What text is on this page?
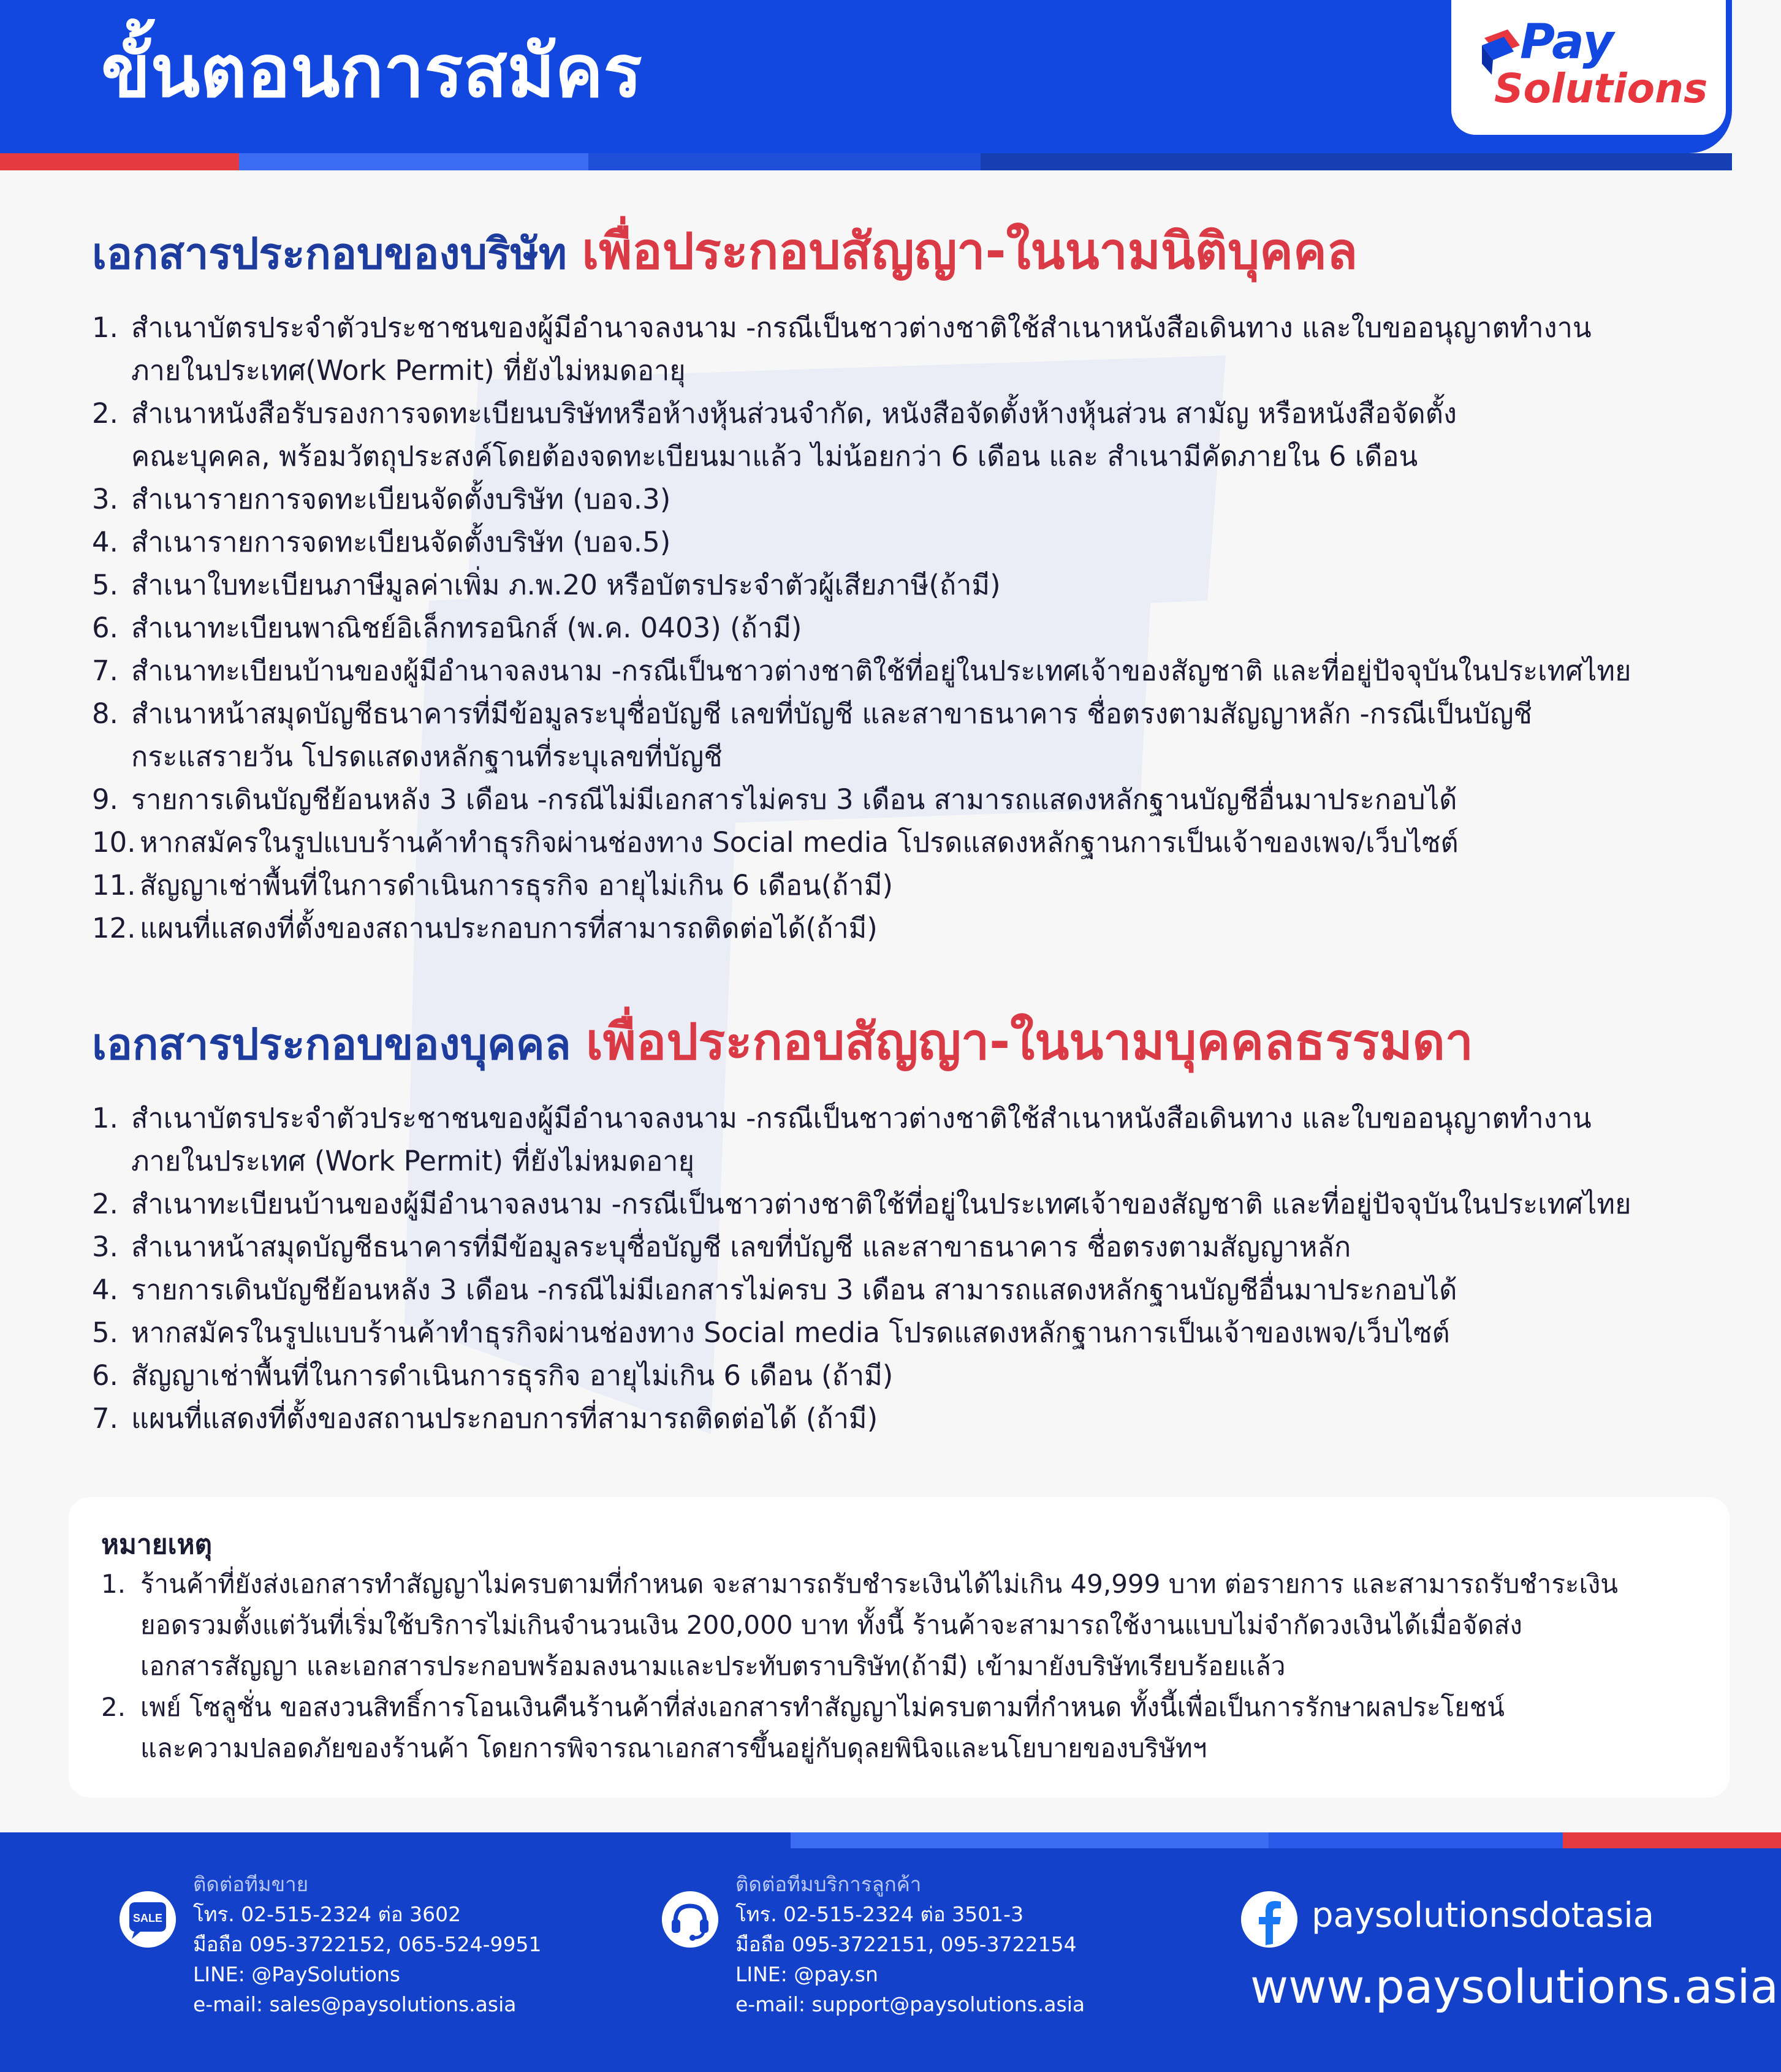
ขั้นตอนการสมัคร	Pay
Solutions
เอกสารประกอบของบริษัท เพื่อประกอบสัญญา-ในนามนิติบุคคล
1. สำเนาบัตรประจำตัวประชาชนของผู้มีอำนาจลงนาม -กรณีเป็นชาวต่างชาติใช้สำเนาหนังสือเดินทาง และใบขออนุญาตทำงาน
ภายในประเทศ(Work Permit) ที่ยังไม่หมดอายุ
2. สำเนาหนังสือรับรองการจดทะเบียนบริษัทหรือห้างหุ้นส่วนจำกัด, หนังสือจัดตั้งห้างหุ้นส่วน สามัญ หรือหนังสือจัดตั้ง
คณะบุคคล, พร้อมวัตถุประสงค์โดยต้องจดทะเบียนมาแล้ว ไม่น้อยกว่า 6 เดือน และ สำเนามีคัดภายใน 6 เดือน
3. สำเนารายการจดทะเบียนจัดตั้งบริษัท (บอจ.3)
4. สำเนารายการจดทะเบียนจัดตั้งบริษัท (บอจ.5)
5. สำเนาใบทะเบียนภาษีมูลค่าเพิ่ม ภ.พ.20 หรือบัตรประจำตัวผู้เสียภาษี(ถ้ามี)
6. สำเนาทะเบียนพาณิชย์อิเล็กทรอนิกส์ (พ.ค. 0403) (ถ้ามี)
7. สำเนาทะเบียนบ้านของผู้มีอำนาจลงนาม -กรณีเป็นชาวต่างชาติใช้ที่อยู่ในประเทศเจ้าของสัญชาติ และที่อยู่ปัจจุบันในประเทศไทย
8. สำเนาหน้าสมุดบัญชีธนาคารที่มีข้อมูลระบุชื่อบัญชี เลขที่บัญชี และสาขาธนาคาร ชื่อตรงตามสัญญาหลัก -กรณีเป็นบัญชี
กระแสรายวัน โปรดแสดงหลักฐานที่ระบุเลขที่บัญชี
9. รายการเดินบัญชีย้อนหลัง 3 เดือน -กรณีไม่มีเอกสารไม่ครบ 3 เดือน สามารถแสดงหลักฐานบัญชีอื่นมาประกอบได้
10. หากสมัครในรูปแบบร้านค้าทำธุรกิจผ่านช่องทาง Social media โปรดแสดงหลักฐานการเป็นเจ้าของเพจ/เว็บไซต์
11. สัญญาเช่าพื้นที่ในการดำเนินการธุรกิจ อายุไม่เกิน 6 เดือน(ถ้ามี)
12. แผนที่แสดงที่ตั้งของสถานประกอบการที่สามารถติดต่อได้(ถ้ามี)
เอกสารประกอบของบุคคล เพื่อประกอบสัญญา-ในนามบุคคลธรรมดา
1. สำเนาบัตรประจำตัวประชาชนของผู้มีอำนาจลงนาม -กรณีเป็นชาวต่างชาติใช้สำเนาหนังสือเดินทาง และใบขออนุญาตทำงาน
ภายในประเทศ (Work Permit) ที่ยังไม่หมดอายุ
2. สำเนาทะเบียนบ้านของผู้มีอำนาจลงนาม -กรณีเป็นชาวต่างชาติใช้ที่อยู่ในประเทศเจ้าของสัญชาติ และที่อยู่ปัจจุบันในประเทศไทย
3. สำเนาหน้าสมุดบัญชีธนาคารที่มีข้อมูลระบุชื่อบัญชี เลขที่บัญชี และสาขาธนาคาร ชื่อตรงตามสัญญาหลัก
4. รายการเดินบัญชีย้อนหลัง 3 เดือน -กรณีไม่มีเอกสารไม่ครบ 3 เดือน สามารถแสดงหลักฐานบัญชีอื่นมาประกอบได้
5. หากสมัครในรูปแบบร้านค้าทำธุรกิจผ่านช่องทาง Social media โปรดแสดงหลักฐานการเป็นเจ้าของเพจ/เว็บไซต์
6. สัญญาเช่าพื้นที่ในการดำเนินการธุรกิจ อายุไม่เกิน 6 เดือน (ถ้ามี)
7. แผนที่แสดงที่ตั้งของสถานประกอบการที่สามารถติดต่อได้ (ถ้ามี)
หมายเหตุ
1. ร้านค้าที่ยังส่งเอกสารทำสัญญาไม่ครบตามที่กำหนด จะสามารถรับชำระเงินได้ไม่เกิน 49,999 บาท ต่อรายการ และสามารถรับชำระเงิน
ยอดรวมตั้งแต่วันที่เริ่มใช้บริการไม่เกินจำนวนเงิน 200,000 บาท ทั้งนี้ ร้านค้าจะสามารถใช้งานแบบไม่จำกัดวงเงินได้เมื่อจัดส่ง
เอกสารสัญญา และเอกสารประกอบพร้อมลงนามและประทับตราบริษัท(ถ้ามี) เข้ามายังบริษัทเรียบร้อยแล้ว
2. เพย์ โซลูชั่น ขอสงวนสิทธิ์การโอนเงินคืนร้านค้าที่ส่งเอกสารทำสัญญาไม่ครบตามที่กำหนด ทั้งนี้เพื่อเป็นการรักษาผลประโยชน์
และความปลอดภัยของร้านค้า โดยการพิจารณาเอกสารขึ้นอยู่กับดุลยพินิจและนโยบายของบริษัทฯ
SALE
ติดต่อทีมขาย
โทร. 02-515-2324 ต่อ 3602
มือถือ 095-3722152, 065-524-9951
LINE: @PaySolutions
e-mail: sales@paysolutions.asia
ติดต่อทีมบริการลูกค้า
โทร. 02-515-2324 ต่อ 3501-3
มือถือ 095-3722151, 095-3722154
LINE: @pay.sn
e-mail: support@paysolutions.asia
paysolutionsdotasia
www.paysolutions.asia
